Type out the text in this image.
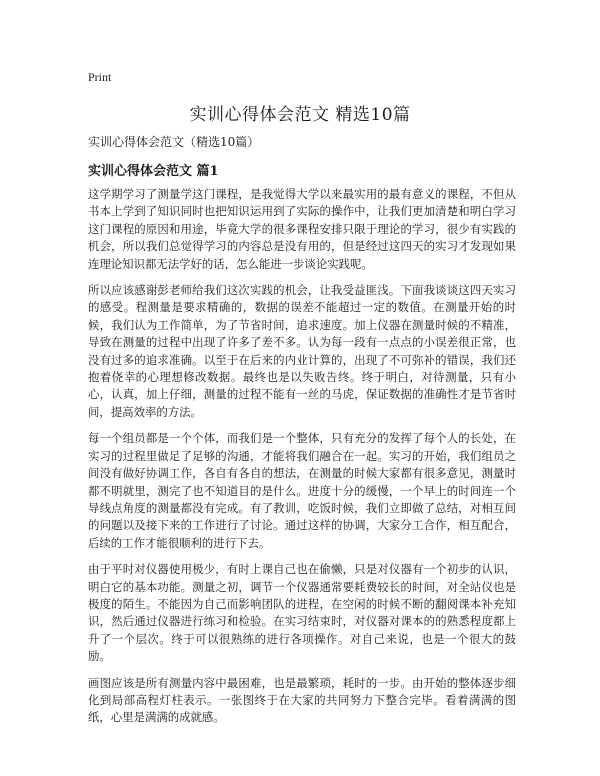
Print
实训心得体会范文 精选10篇

实训心得体会范文（精选10篇）

实训心得体会范文 篇1

这学期学习了测量学这门课程，是我觉得大学以来最实用的最有意义的课程，不但从书本上学到了知识同时也把知识运用到了实际的操作中，让我们更加清楚和明白学习这门课程的原因和用途，毕竟大学的很多课程安排只限于理论的学习，很少有实践的机会，所以我们总觉得学习的内容总是没有用的，但是经过这四天的实习才发现如果连理论知识都无法学好的话，怎么能进一步谈论实践呢。

所以应该感谢彭老师给我们这次实践的机会，让我受益匪浅。下面我谈谈这四天实习的感受。程测量是要求精确的，数据的误差不能超过一定的数值。在测量开始的时候，我们认为工作简单，为了节省时间，追求速度。加上仪器在测量时候的不精准，导致在测量的过程中出现了许多了差不多。认为每一段有一点点的小误差很正常，也没有过多的追求准确。以至于在后来的内业计算的，出现了不可弥补的错误，我们还抱着侥幸的心理想修改数据。最终也是以失败告终。终于明白，对待测量，只有小心，认真，加上仔细，测量的过程不能有一丝的马虎，保证数据的准确性才是节省时间，提高效率的方法。

每一个组员都是一个个体，而我们是一个整体，只有充分的发挥了每个人的长处，在实习的过程里做足了足够的沟通，才能将我们融合在一起。实习的开始，我们组员之间没有做好协调工作，各自有各自的想法，在测量的时候大家都有很多意见，测量时都不明就里，测完了也不知道目的是什么。进度十分的缓慢，一个早上的时间连一个导线点角度的测量都没有完成。有了教训，吃饭时候，我们立即做了总结，对相互间的问题以及接下来的工作进行了讨论。通过这样的协调，大家分工合作，相互配合，后续的工作才能很顺利的进行下去。

由于平时对仪器使用极少，有时上课自己也在偷懒，只是对仪器有一个初步的认识，明白它的基本功能。测量之初，调节一个仪器通常要耗费较长的时间，对全站仪也是极度的陌生。不能因为自己而影响团队的进程，在空闲的时候不断的翻阅课本补充知识，然后通过仪器进行练习和检验。在实习结束时，对仪器对课本的的熟悉程度都上升了一个层次。终于可以很熟练的进行各项操作。对自己来说，也是一个很大的鼓励。

画图应该是所有测量内容中最困难，也是最繁琐，耗时的一步。由开始的整体逐步细化到局部高程灯柱表示。一张图终于在大家的共同努力下整合完毕。看着满满的图纸，心里是满满的成就感。
